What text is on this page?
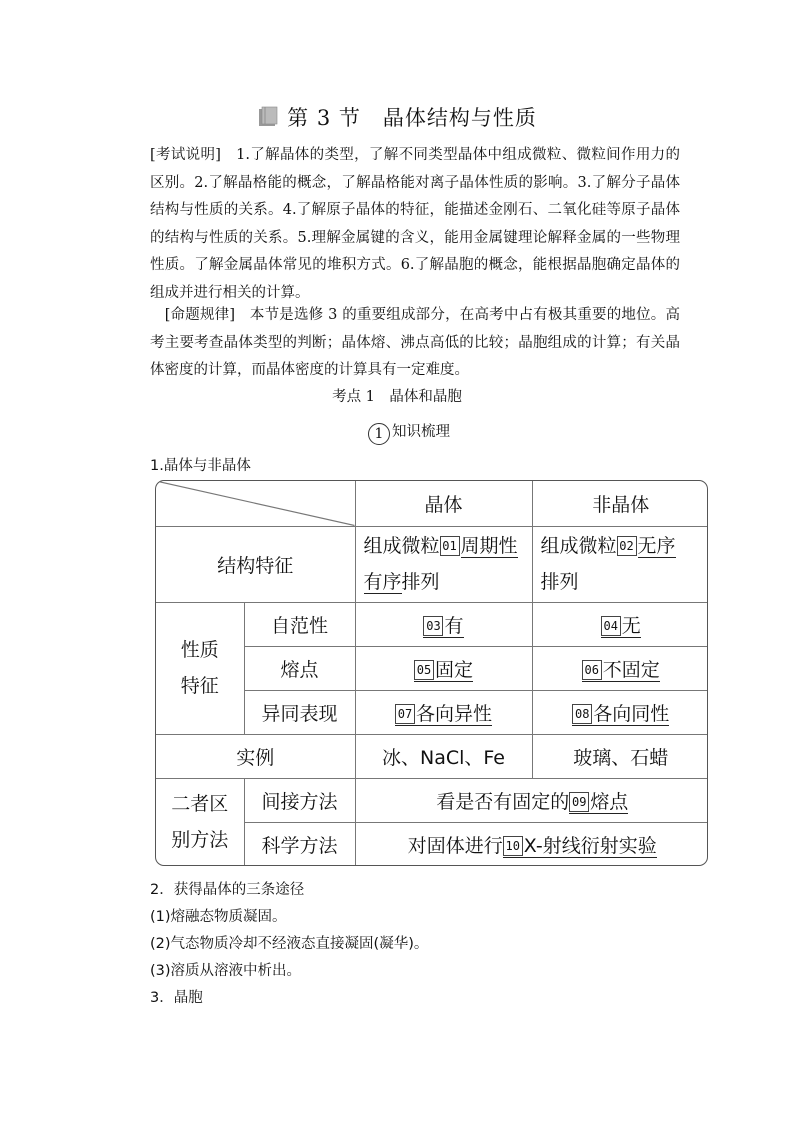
第 3 节 晶体结构与性质
[考试说明]　 1.了解晶体的类型，了解不同类型晶体中组成微粒、微粒间作用力的区别。2.了解晶格能的概念，了解晶格能对离子晶体性质的影响。3.了解分子晶体结构与性质的关系。4.了解原子晶体的特征，能描述金刚石、二氧化硅等原子晶体的结构与性质的关系。5.理解金属键的含义，能用金属键理论解释金属的一些物理性质。了解金属晶体常见的堆积方式。6.了解晶胞的概念，能根据晶胞确定晶体的组成并进行相关的计算。
　[命题规律]　 本节是选修 3 的重要组成部分，在高考中占有极其重要的地位。高考主要考查晶体类型的判断；晶体熔、沸点高低的比较；晶胞组成的计算；有关晶体密度的计算，而晶体密度的计算具有一定难度。
考点 1　晶体和晶胞
1 知识梳理
1.晶体与非晶体
	晶体	非晶体
结构特征		组成微粒 01 周期性有序排列	组成微粒 02 无序
排列
性质
特征	自范性	03 有	04 无
	熔点	05 固定	06 不固定
	异同表现	07 各向异性	08 各向同性
实例		冰、NaCl、Fe	玻璃、石蜡
二者区
别方法	间接方法	看是否有固定的 09 熔点	
	科学方法	对固体进行 10 X-射线衍射实验	
2．获得晶体的三条途径
(1)熔融态物质凝固。
(2)气态物质冷却不经液态直接凝固(凝华)。
(3)溶质从溶液中析出。
3．晶胞
